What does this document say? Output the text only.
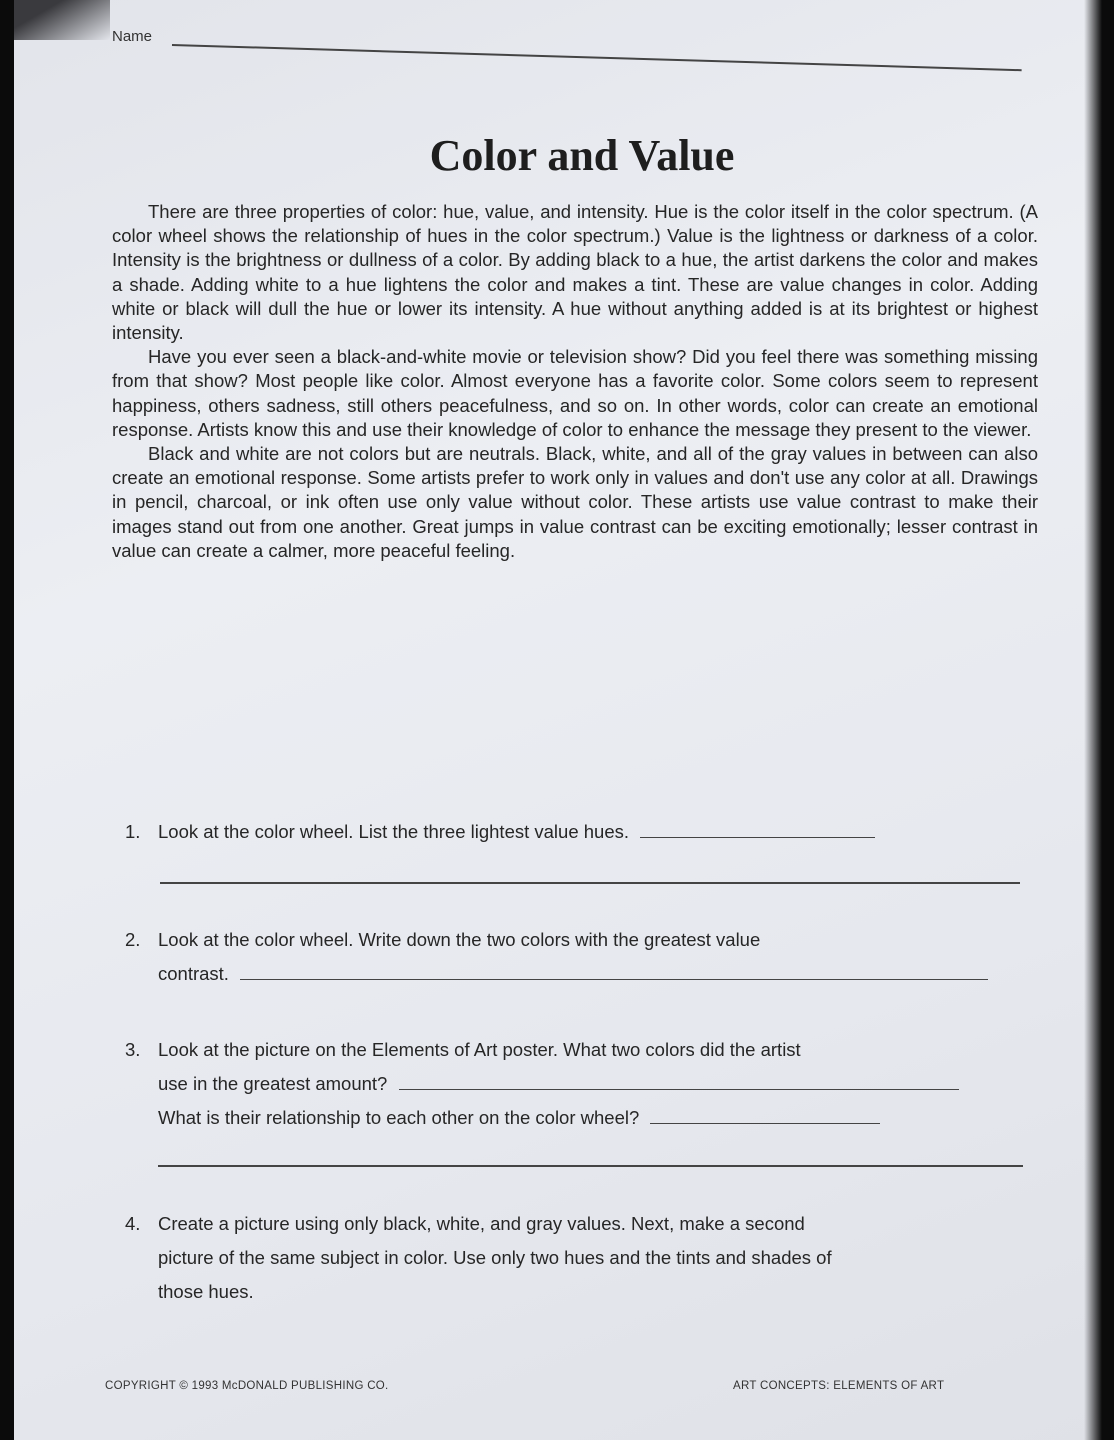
Name
Color and Value

There are three properties of color: hue, value, and intensity. Hue is the color itself in the color spectrum. (A color wheel shows the relationship of hues in the color spectrum.) Value is the lightness or darkness of a color. Intensity is the brightness or dullness of a color. By adding black to a hue, the artist darkens the color and makes a shade. Adding white to a hue lightens the color and makes a tint. These are value changes in color. Adding white or black will dull the hue or lower its intensity. A hue without anything added is at its brightest or highest intensity.

Have you ever seen a black-and-white movie or television show? Did you feel there was something missing from that show? Most people like color. Almost everyone has a favorite color. Some colors seem to represent happiness, others sadness, still others peacefulness, and so on. In other words, color can create an emotional response. Artists know this and use their knowledge of color to enhance the message they present to the viewer.

Black and white are not colors but are neutrals. Black, white, and all of the gray values in between can also create an emotional response. Some artists prefer to work only in values and don't use any color at all. Drawings in pencil, charcoal, or ink often use only value without color. These artists use value contrast to make their images stand out from one another. Great jumps in value contrast can be exciting emotionally; lesser contrast in value can create a calmer, more peaceful feeling.

1. Look at the color wheel. List the three lightest value hues.
2. Look at the color wheel. Write down the two colors with the greatest value
contrast.
3. Look at the picture on the Elements of Art poster. What two colors did the artist
use in the greatest amount?
What is their relationship to each other on the color wheel?
4. Create a picture using only black, white, and gray values. Next, make a second
picture of the same subject in color. Use only two hues and the tints and shades of
those hues.
COPYRIGHT © 1993 McDONALD PUBLISHING CO.	ART CONCEPTS: ELEMENTS OF ART
